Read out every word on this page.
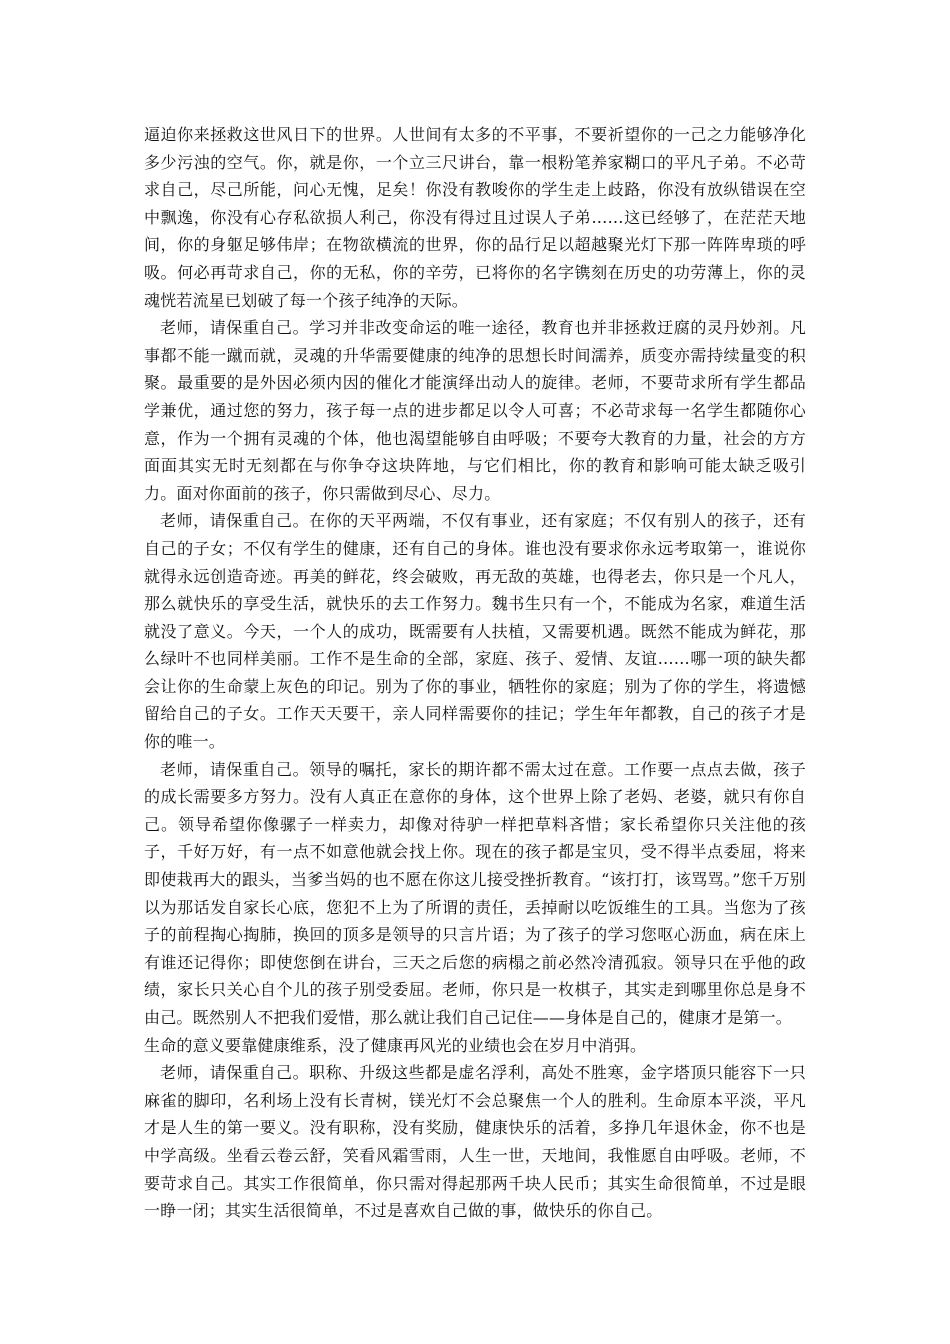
逼迫你来拯救这世风日下的世界。人世间有太多的不平事，不要祈望你的一己之力能够净化多少污浊的空气。你，就是你，一个立三尺讲台，靠一根粉笔养家糊口的平凡子弟。不必苛求自己，尽己所能，问心无愧，足矣！你没有教唆你的学生走上歧路，你没有放纵错误在空中飘逸，你没有心存私欲损人利己，你没有得过且过误人子弟……这已经够了，在茫茫天地间，你的身躯足够伟岸；在物欲横流的世界，你的品行足以超越聚光灯下那一阵阵卑琐的呼吸。何必再苛求自己，你的无私，你的辛劳，已将你的名字镌刻在历史的功劳薄上，你的灵魂恍若流星已划破了每一个孩子纯净的天际。

老师，请保重自己。学习并非改变命运的唯一途径，教育也并非拯救迂腐的灵丹妙剂。凡事都不能一蹴而就，灵魂的升华需要健康的纯净的思想长时间濡养，质变亦需持续量变的积聚。最重要的是外因必须内因的催化才能演绎出动人的旋律。老师，不要苛求所有学生都品学兼优，通过您的努力，孩子每一点的进步都足以令人可喜；不必苛求每一名学生都随你心意，作为一个拥有灵魂的个体，他也渴望能够自由呼吸；不要夸大教育的力量，社会的方方面面其实无时无刻都在与你争夺这块阵地，与它们相比，你的教育和影响可能太缺乏吸引力。面对你面前的孩子，你只需做到尽心、尽力。

老师，请保重自己。在你的天平两端，不仅有事业，还有家庭；不仅有别人的孩子，还有自己的子女；不仅有学生的健康，还有自己的身体。谁也没有要求你永远考取第一，谁说你就得永远创造奇迹。再美的鲜花，终会破败，再无敌的英雄，也得老去，你只是一个凡人，那么就快乐的享受生活，就快乐的去工作努力。魏书生只有一个，不能成为名家，难道生活就没了意义。今天，一个人的成功，既需要有人扶植，又需要机遇。既然不能成为鲜花，那么绿叶不也同样美丽。工作不是生命的全部，家庭、孩子、爱情、友谊……哪一项的缺失都会让你的生命蒙上灰色的印记。别为了你的事业，牺牲你的家庭；别为了你的学生，将遗憾留给自己的子女。工作天天要干，亲人同样需要你的挂记；学生年年都教，自己的孩子才是你的唯一。

老师，请保重自己。领导的嘱托，家长的期许都不需太过在意。工作要一点点去做，孩子的成长需要多方努力。没有人真正在意你的身体，这个世界上除了老妈、老婆，就只有你自己。领导希望你像骡子一样卖力，却像对待驴一样把草料吝惜；家长希望你只关注他的孩子，千好万好，有一点不如意他就会找上你。现在的孩子都是宝贝，受不得半点委屈，将来即使栽再大的跟头，当爹当妈的也不愿在你这儿接受挫折教育。“该打打，该骂骂。”您千万别以为那话发自家长心底，您犯不上为了所谓的责任，丢掉耐以吃饭维生的工具。当您为了孩子的前程掏心掏肺，换回的顶多是领导的只言片语；为了孩子的学习您呕心沥血，病在床上有谁还记得你；即使您倒在讲台，三天之后您的病榻之前必然冷清孤寂。领导只在乎他的政绩，家长只关心自个儿的孩子别受委屈。老师，你只是一枚棋子，其实走到哪里你总是身不由己。既然别人不把我们爱惜，那么就让我们自己记住——身体是自己的，健康才是第一。

生命的意义要靠健康维系，没了健康再风光的业绩也会在岁月中消弭。

老师，请保重自己。职称、升级这些都是虚名浮利，高处不胜寒，金字塔顶只能容下一只麻雀的脚印，名利场上没有长青树，镁光灯不会总聚焦一个人的胜利。生命原本平淡，平凡才是人生的第一要义。没有职称，没有奖励，健康快乐的活着，多挣几年退休金，你不也是中学高级。坐看云卷云舒，笑看风霜雪雨，人生一世，天地间，我惟愿自由呼吸。老师，不要苛求自己。其实工作很简单，你只需对得起那两千块人民币；其实生命很简单，不过是眼一睁一闭；其实生活很简单，不过是喜欢自己做的事，做快乐的你自己。
